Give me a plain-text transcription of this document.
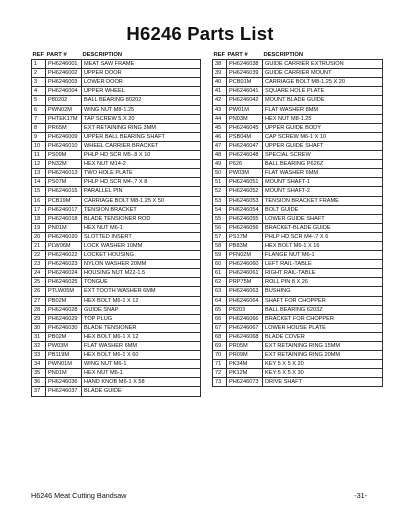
H6246 Parts List
REF	PART #	DESCRIPTION
1	PH6246001	MEAT SAW FRAME
2	PH6246002	UPPER DOOR
3	PH6246003	LOWER DOOR
4	PH6246004	UPPER WHEEL
5	P80202	BALL BEARING 80202
6	PWN02M	WING NUT M8-1.25
7	PHTEK17M	TAP SCREW 5 X 20
8	PR65M	EXT RETAINING RING 3MM
9	PH6246009	UPPER BALL BEARING SHAFT
10	PH6246010	WHEEL CARRIER BRACKET
11	PS09M	PHLP HD SCR M5-.8 X 10
12	PN32M	HEX NUT M14-2
13	PH6246013	TWO HOLE PLATE
14	PS07M	PHLP HD SCR M4-.7 X 8
15	PH6246015	PARALLEL PIN
16	PCB19M	CARRIAGE BOLT M8-1.25 X 50
17	PH6246017	TENSION BRACKET
18	PH6246018	BLADE TENSIONER ROD
19	PN01M	HEX NUT M6-1
20	PH6246020	SLOTTED INSERT
21	PLW06M	LOCK WASHER 10MM
22	PH6246022	LOCKET HOUSING
23	PH6246023	NYLON WASHER 20MM
24	PH6246024	HOUSING NUT M22-1.5
25	PH6246025	TONGUE
26	PTLW05M	EXT TOOTH WASHER 6MM
27	PB02M	HEX BOLT M6-1 X 12
28	PH6246028	GUIDE SNAP
29	PH6246029	TOP PLUG
30	PH6246030	BLADE TENSIONER
31	PB02M	HEX BOLT M6-1 X 12
32	PW03M	FLAT WASHER 6MM
33	PB119M	HEX BOLT M6-1 X 60
34	PWN01M	WING NUT M6-1
35	PN01M	HEX NUT M6-1
36	PH6246036	HAND KNOB M6-1 X 58
37	PH6246037	BLADE GUIDE
REF	PART #	DESCRIPTION
38	PH6246038	GUIDE CARRIER EXTRUSION
39	PH6246039	GUIDE CARRIER MOUNT
40	PCB01M	CARRIAGE BOLT M8-1.25 X 20
41	PH6246041	SQUARE HOLE PLATE
42	PH6246042	MOUNT BLADE GUIDE
43	PW01M	FLAT WASHER 8MM
44	PN03M	HEX NUT M8-1.25
45	PH6246045	UPPER GUIDE BODY
46	PSB04M	CAP SCREW M6-1 X 10
47	PH6246047	UPPER GUIDE SHAFT
48	PH6246048	SPECIAL SCREW
49	P626	BALL BEARING P626Z
50	PW03M	FLAT WASHER 6MM
51	PH6246051	MOUNT SHAFT-1
52	PH6246052	MOUNT SHAFT-2
53	PH6246053	TENSION BRACKET FRAME
54	PH6246054	BOLT GUIDE
55	PH6246055	LOWER GUIDE SHAFT
56	PH6246056	BRACKET-BLADE GUIDE
57	PS17M	PHLP HD SCR M4-.7 X 6
58	PB83M	HEX BOLT M6-1 X 16
59	PFN02M	FLANGE NUT M6-1
60	PH6246060	LEFT RAIL-TABLE
61	PH6246061	RIGHT RAIL-TABLE
62	PRP75M	ROLL PIN 8 X 26
63	PH6246063	BUSHING
64	PH6246064	SHAFT FOR CHOPPER
65	P6203	BALL BEARING 6203Z
66	PH6246066	BRACKET FOR CHOPPER
67	PH6246067	LOWER HOUSE PLATE
68	PH6246068	BLADE COVER
69	PR05M	EXT RETAINING RING 15MM
70	PR09M	EXT RETAINING RING 20MM
71	PK34M	KEY 5 X 5 X 20
72	PK12M	KEY 5 X 5 X 30
73	PH6246073	DRIVE SHAFT
H6246 Meat Cutting Bandsaw	-31-
